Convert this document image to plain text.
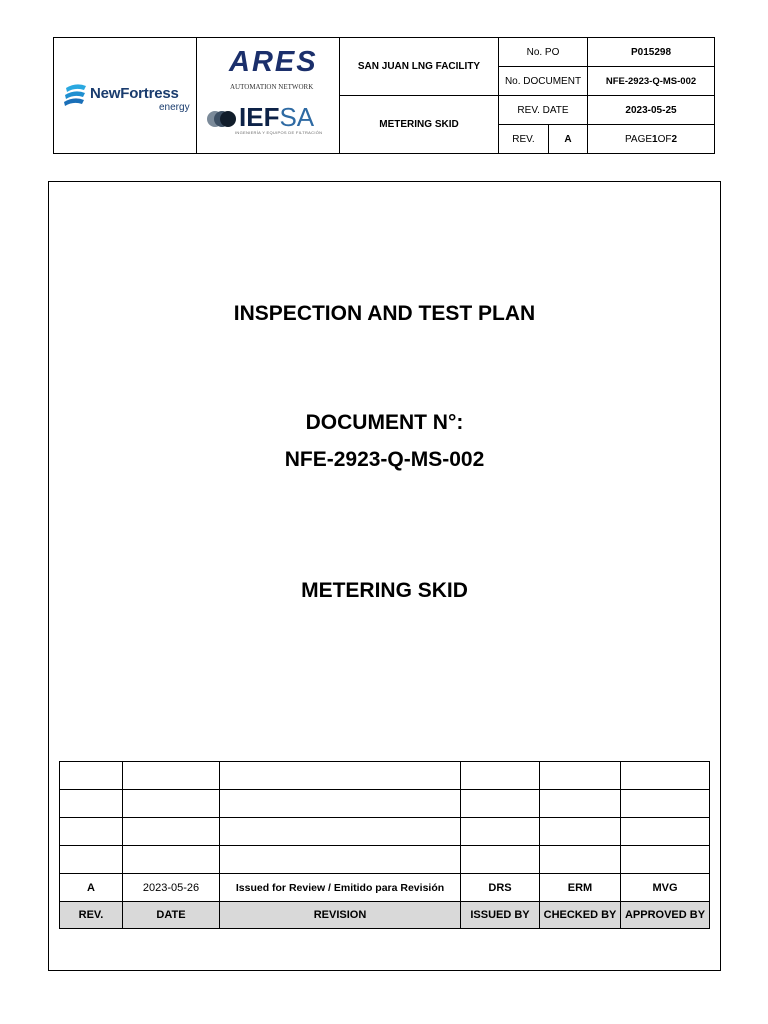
NewFortress
energy
ARES
AUTOMATION NETWORK
IEFSA
INGENIERÍA Y EQUIPOS DE FILTRACIÓN
SAN JUAN LNG FACILITY
METERING SKID
No. PO	P015298
No. DOCUMENT	NFE-2923-Q-MS-002
REV. DATE	2023-05-25
REV.	A	PAGE 1 OF 2
INSPECTION AND TEST PLAN
DOCUMENT N°:
NFE-2923-Q-MS-002
METERING SKID

A	2023-05-26	Issued for Review / Emitido para Revisión	DRS	ERM	MVG
REV.	DATE	REVISION	ISSUED BY	CHECKED BY	APPROVED BY
